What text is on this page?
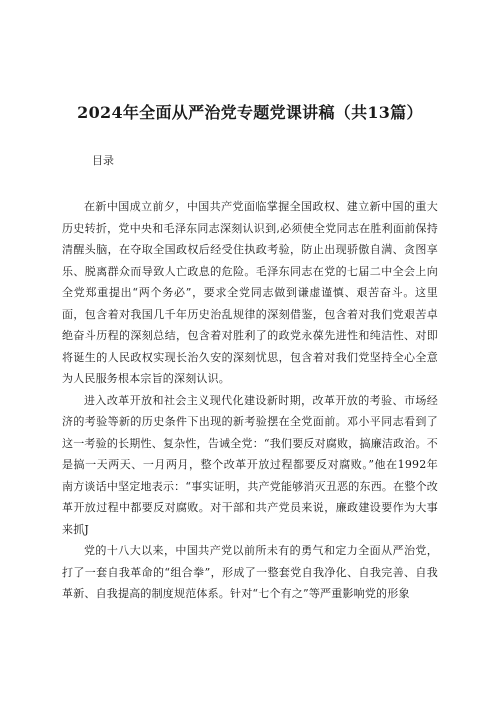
2024年全面从严治党专题党课讲稿（共13篇）
目录

在新中国成立前夕，中国共产党面临掌握全国政权、建立新中国的重大历史转折，党中央和毛泽东同志深刻认识到,必须使全党同志在胜利面前保持清醒头脑，在夺取全国政权后经受住执政考验，防止出现骄傲自满、贪图享乐、脱离群众而导致人亡政息的危险。毛泽东同志在党的七届二中全会上向全党郑重提出“两个务必”，要求全党同志做到谦虚谨慎、艰苦奋斗。这里面，包含着对我国几千年历史治乱规律的深刻借鉴，包含着对我们党艰苦卓绝奋斗历程的深刻总结，包含着对胜利了的政党永葆先进性和纯洁性、对即将诞生的人民政权实现长治久安的深刻忧思，包含着对我们党坚持全心全意为人民服务根本宗旨的深刻认识。

进入改革开放和社会主义现代化建设新时期，改革开放的考验、市场经济的考验等新的历史条件下出现的新考验摆在全党面前。邓小平同志看到了这一考验的长期性、复杂性，告诫全党：“我们要反对腐败，搞廉洁政治。不是搞一天两天、一月两月，整个改革开放过程都要反对腐败。”他在1992年南方谈话中坚定地表示：“事实证明，共产党能够消灭丑恶的东西。在整个改革开放过程中都要反对腐败。对干部和共产党员来说，廉政建设要作为大事来抓J

党的十八大以来，中国共产党以前所未有的勇气和定力全面从严治党，打了一套自我革命的“组合拳”，形成了一整套党自我净化、自我完善、自我革新、自我提高的制度规范体系。针对“七个有之”等严重影响党的形象
